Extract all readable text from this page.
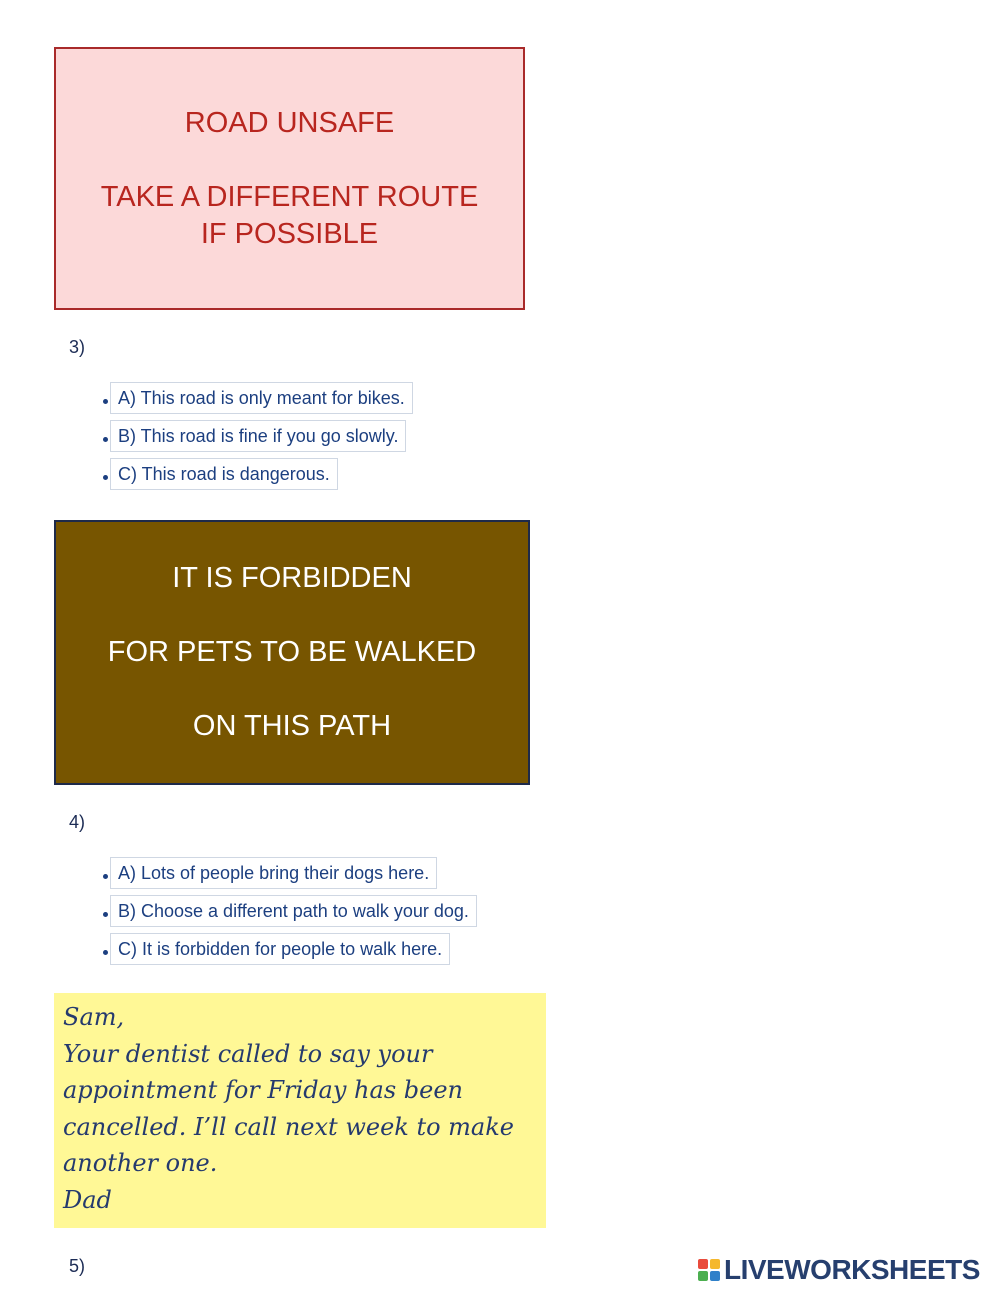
ROAD UNSAFE
TAKE A DIFFERENT ROUTE
IF POSSIBLE
3)
A) This road is only meant for bikes.
B) This road is fine if you go slowly.
C) This road is dangerous.
IT IS FORBIDDEN
FOR PETS TO BE WALKED
ON THIS PATH
4)
A) Lots of people bring their dogs here.
B) Choose a different path to walk your dog.
C) It is forbidden for people to walk here.
Sam,
Your dentist called to say your
appointment for Friday has been
cancelled. I’ll call next week to make
another one.
Dad
5)	LIVEWORKSHEETS
